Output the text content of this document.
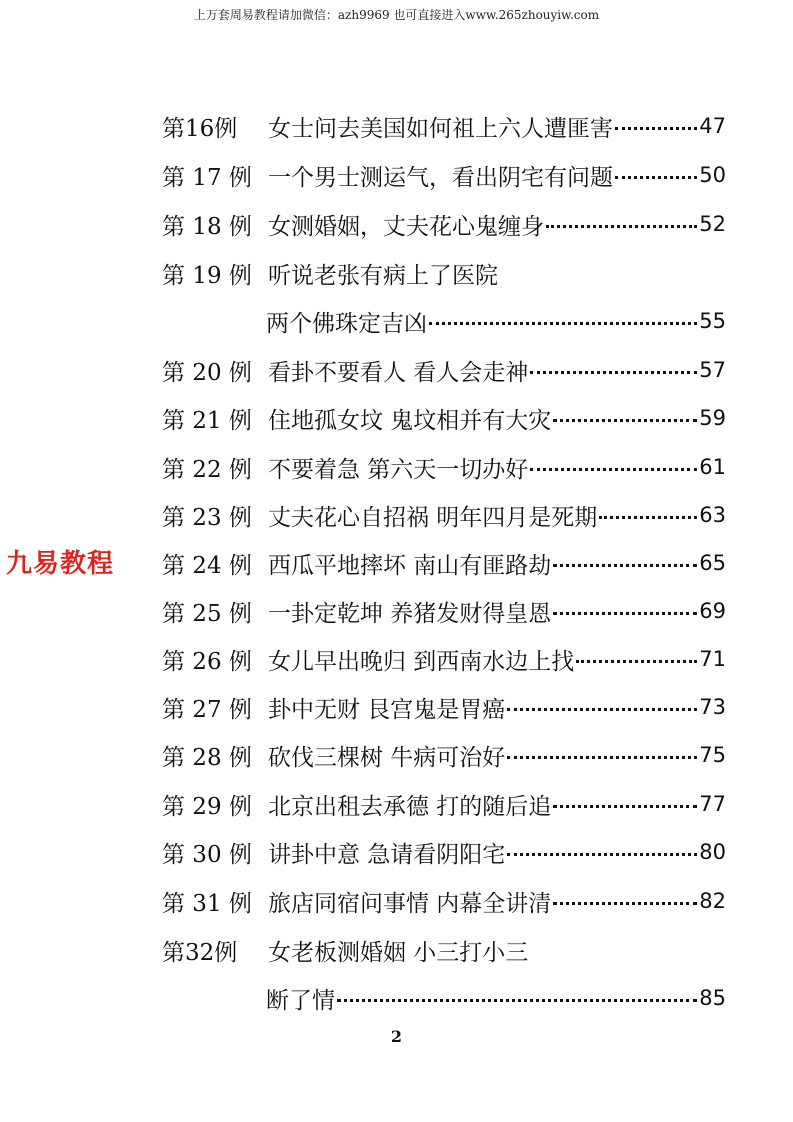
上万套周易教程请加微信：azh9969 也可直接进入www.265zhouyiw.com
第16例	女士问去美国如何祖上六人遭匪害	47
第 17 例 一个男士测运气，看出阴宅有问题	50
第 18 例 女测婚姻，丈夫花心鬼缠身	52
第 19 例 听说老张有病上了医院
两个佛珠定吉凶	55
第 20 例 看卦不要看人 看人会走神	57
第 21 例 住地孤女坟 鬼坟相并有大灾	59
第 22 例 不要着急 第六天一切办好	61
第 23 例 丈夫花心自招祸 明年四月是死期	63
第 24 例 西瓜平地摔坏 南山有匪路劫	65
第 25 例 一卦定乾坤 养猪发财得皇恩	69
第 26 例 女儿早出晚归 到西南水边上找	71
第 27 例 卦中无财 艮宫鬼是胃癌	73
第 28 例 砍伐三棵树 牛病可治好	75
第 29 例 北京出租去承德 打的随后追	77
第 30 例 讲卦中意 急请看阴阳宅	80
第 31 例 旅店同宿问事情 内幕全讲清	82
第32例	女老板测婚姻 小三打小三
断了情	85
九易教程
2
